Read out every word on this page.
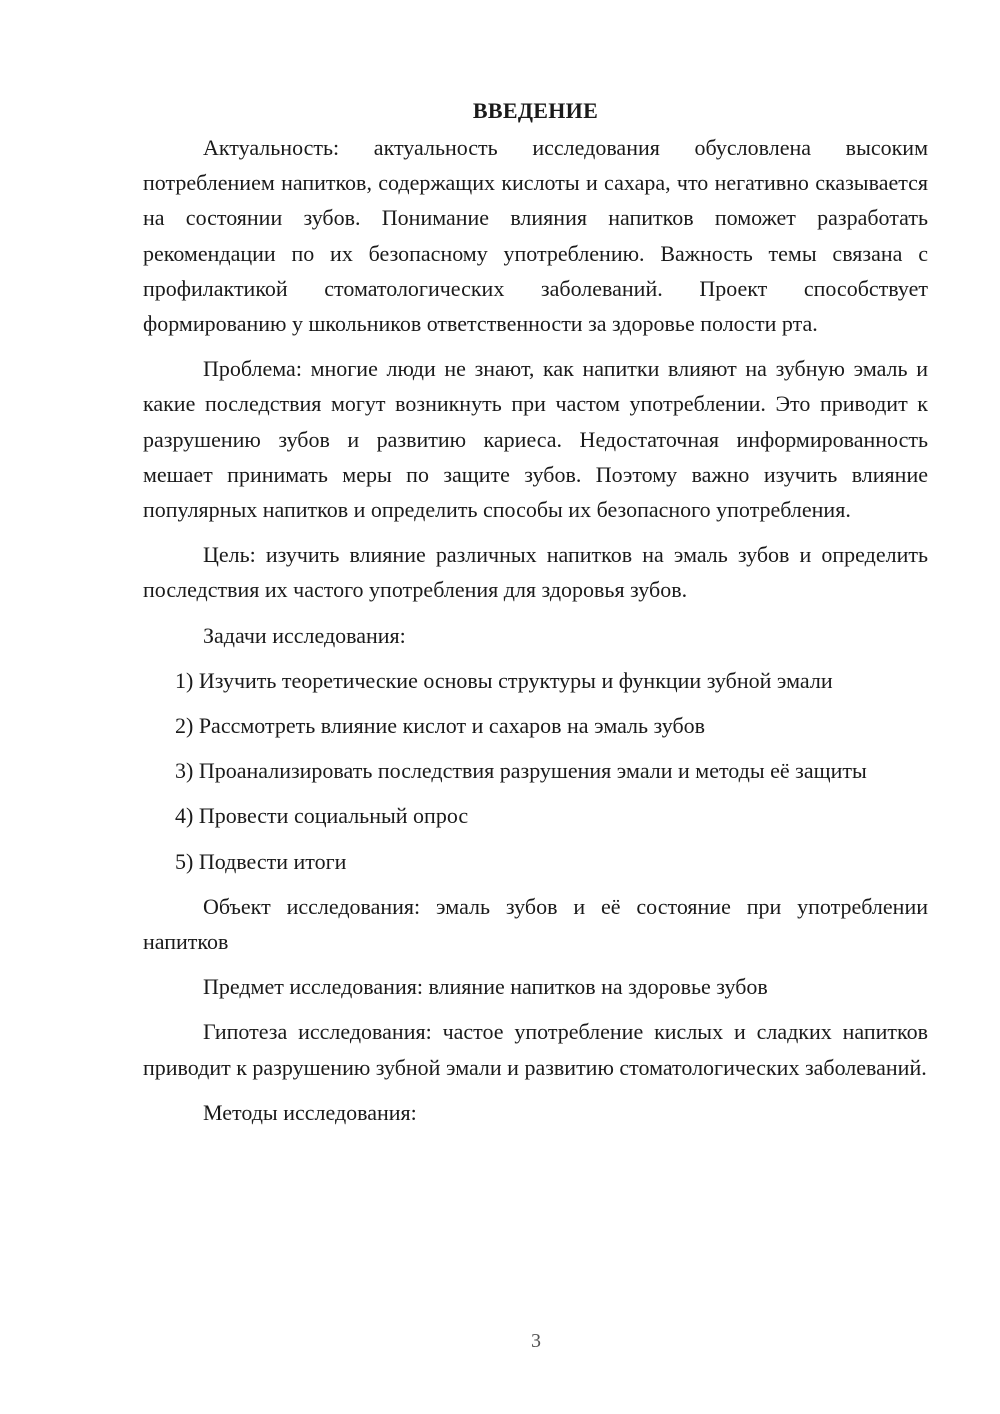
ВВЕДЕНИЕ

Актуальность: актуальность исследования обусловлена высоким потреблением напитков, содержащих кислоты и сахара, что негативно сказывается на состоянии зубов. Понимание влияния напитков поможет разработать рекомендации по их безопасному употреблению. Важность темы связана с профилактикой стоматологических заболеваний. Проект способствует формированию у школьников ответственности за здоровье полости рта.

Проблема: многие люди не знают, как напитки влияют на зубную эмаль и какие последствия могут возникнуть при частом употреблении. Это приводит к разрушению зубов и развитию кариеса. Недостаточная информированность мешает принимать меры по защите зубов. Поэтому важно изучить влияние популярных напитков и определить способы их безопасного употребления.

Цель: изучить влияние различных напитков на эмаль зубов и определить последствия их частого употребления для здоровья зубов.

Задачи исследования:

1) Изучить теоретические основы структуры и функции зубной эмали

2) Рассмотреть влияние кислот и сахаров на эмаль зубов

3) Проанализировать последствия разрушения эмали и методы её защиты

4) Провести социальный опрос

5) Подвести итоги

Объект исследования: эмаль зубов и её состояние при употреблении напитков

Предмет исследования: влияние напитков на здоровье зубов

Гипотеза исследования: частое употребление кислых и сладких напитков приводит к разрушению зубной эмали и развитию стоматологических заболеваний.

Методы исследования:

3
